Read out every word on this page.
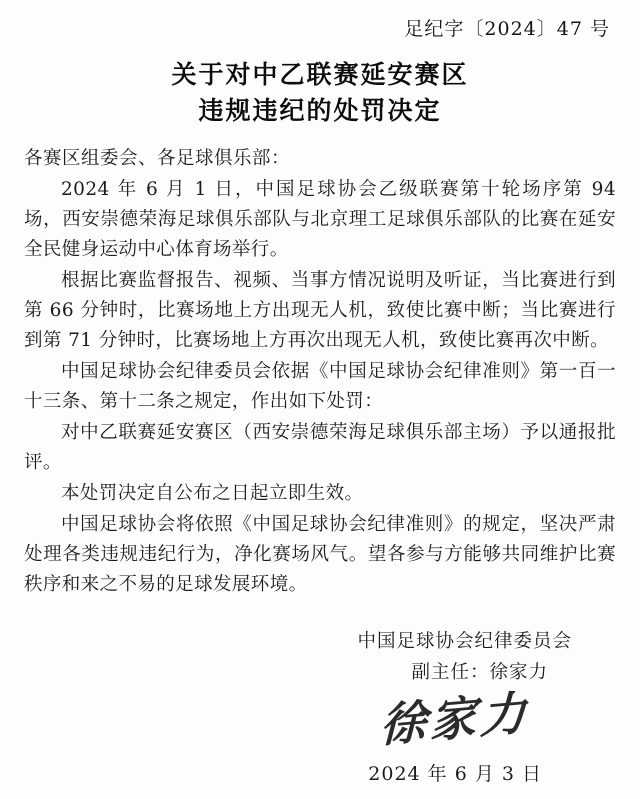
足纪字〔2024〕47 号
关于对中乙联赛延安赛区
违规违纪的处罚决定
各赛区组委会、各足球俱乐部：

2024 年 6 月 1 日，中国足球协会乙级联赛第十轮场序第 94 场，西安崇德荣海足球俱乐部队与北京理工足球俱乐部队的比赛在延安全民健身运动中心体育场举行。

根据比赛监督报告、视频、当事方情况说明及听证，当比赛进行到第 66 分钟时，比赛场地上方出现无人机，致使比赛中断；当比赛进行到第 71 分钟时，比赛场地上方再次出现无人机，致使比赛再次中断。

中国足球协会纪律委员会依据《中国足球协会纪律准则》第一百一十三条、第十二条之规定，作出如下处罚：

对中乙联赛延安赛区（西安崇德荣海足球俱乐部主场）予以通报批评。

本处罚决定自公布之日起立即生效。

中国足球协会将依照《中国足球协会纪律准则》的规定，坚决严肃处理各类违规违纪行为，净化赛场风气。望各参与方能够共同维护比赛秩序和来之不易的足球发展环境。

中国足球协会纪律委员会
副主任：徐家力
徐家力
2024 年 6 月 3 日
